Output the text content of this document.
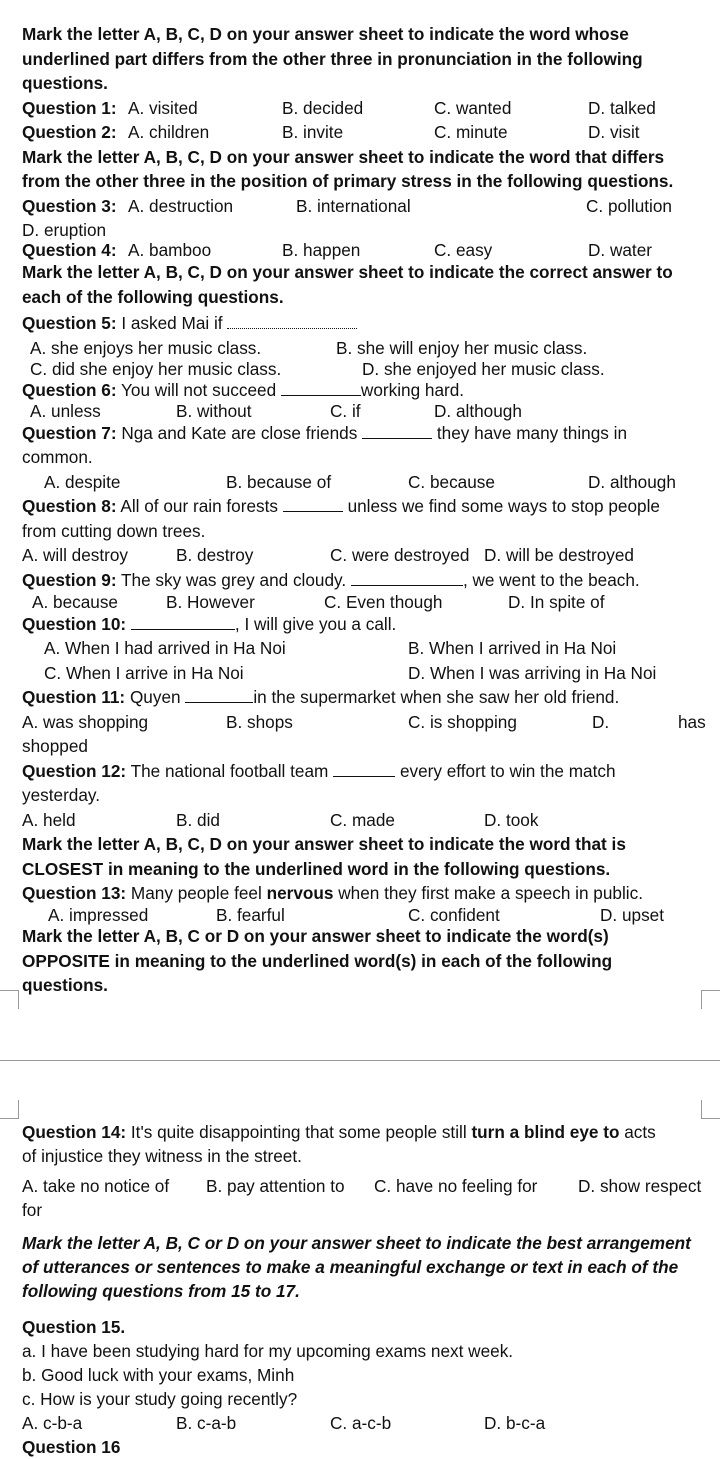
Mark the letter A, B, C, D on your answer sheet to indicate the word whose
underlined part differs from the other three in pronunciation in the following
questions.
Question 1: A. visited	B. decided	C. wanted	D. talked
Question 2: A. children	B. invite	C. minute	D. visit
Mark the letter A, B, C, D on your answer sheet to indicate the word that differs
from the other three in the position of primary stress in the following questions.
Question 3: A. destruction	B. international	C. pollution
D. eruption
Question 4: A. bamboo	B. happen	C. easy	D. water
Mark the letter A, B, C, D on your answer sheet to indicate the correct answer to
each of the following questions.
Question 5: I asked Mai if
A. she enjoys her music class.	B. she will enjoy her music class.
C. did she enjoy her music class.	D. she enjoyed her music class.
Question 6: You will not succeed	working hard.
A. unless	B. without	C. if	D. although
Question 7: Nga and Kate are close friends	they have many things in
common.
A. despite	B. because of	C. because	D. although
Question 8: All of our rain forests	unless we find some ways to stop people
from cutting down trees.
A. will destroy	B. destroy	C. were destroyed D. will be destroyed
Question 9: The sky was grey and cloudy.	, we went to the beach.
A. because	B. However	C. Even though	D. In spite of
Question 10:	, I will give you a call.
A. When I had arrived in Ha Noi	B. When I arrived in Ha Noi
C. When I arrive in Ha Noi	D. When I was arriving in Ha Noi
Question 11: Quyen	in the supermarket when she saw her old friend.
A. was shopping	B. shops	C. is shopping	D.	has
shopped
Question 12: The national football team	every effort to win the match
yesterday.
A. held	B. did	C. made	D. took
Mark the letter A, B, C, D on your answer sheet to indicate the word that is
CLOSEST in meaning to the underlined word in the following questions.
Question 13: Many people feel nervous when they first make a speech in public.
A. impressed	B. fearful	C. confident	D. upset
Mark the letter A, B, C or D on your answer sheet to indicate the word(s)
OPPOSITE in meaning to the underlined word(s) in each of the following
questions.
Question 14: It's quite disappointing that some people still turn a blind eye to acts
of injustice they witness in the street.
A. take no notice of B. pay attention to C. have no feeling for D. show respect
for
Mark the letter A, B, C or D on your answer sheet to indicate the best arrangement
of utterances or sentences to make a meaningful exchange or text in each of the
following questions from 15 to 17.
Question 15.
a. I have been studying hard for my upcoming exams next week.
b. Good luck with your exams, Minh
c. How is your study going recently?
A. c-b-a	B. c-a-b	C. a-c-b	D. b-c-a
Question 16
